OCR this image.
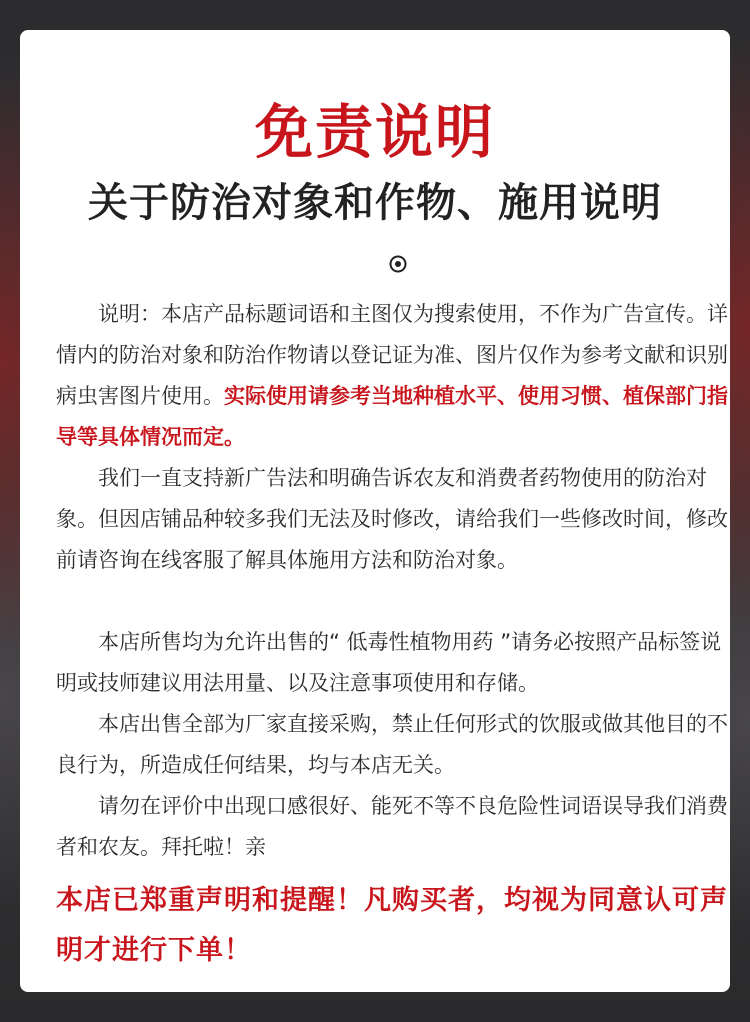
免责说明
关于防治对象和作物、施用说明

说明：本店产品标题词语和主图仅为搜索使用，不作为广告宣传。详情内的防治对象和防治作物请以登记证为准、图片仅作为参考文献和识别病虫害图片使用。实际使用请参考当地种植水平、使用习惯、植保部门指导等具体情况而定。

我们一直支持新广告法和明确告诉农友和消费者药物使用的防治对象。但因店铺品种较多我们无法及时修改，请给我们一些修改时间，修改前请咨询在线客服了解具体施用方法和防治对象。

本店所售均为允许出售的“ 低毒性植物用药 ”请务必按照产品标签说明或技师建议用法用量、以及注意事项使用和存储。

本店出售全部为厂家直接采购，禁止任何形式的饮服或做其他目的不良行为，所造成任何结果，均与本店无关。

请勿在评价中出现口感很好、能死不等不良危险性词语误导我们消费者和农友。拜托啦！亲

本店已郑重声明和提醒！凡购买者，均视为同意认可声明才进行下单！
